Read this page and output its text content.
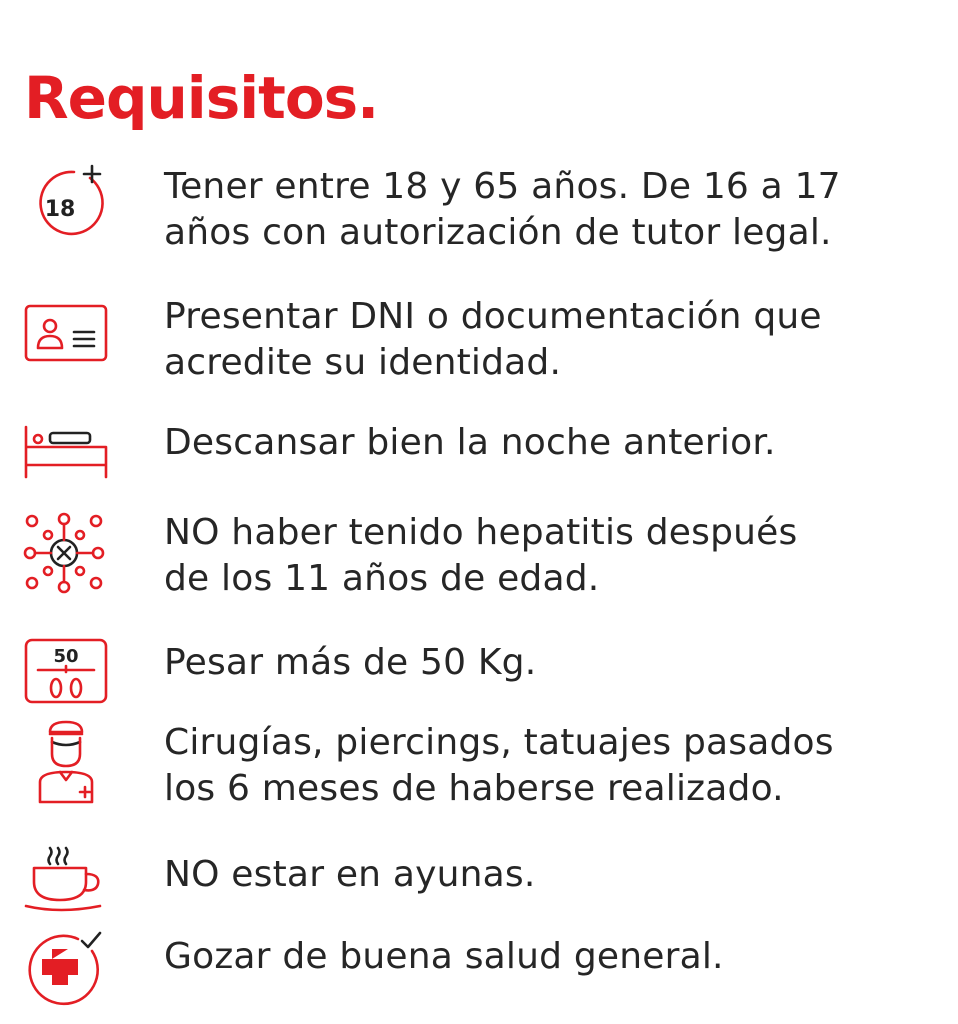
Requisitos.
18
Tener entre 18 y 65 años. De 16 a 17
años con autorización de tutor legal.
Presentar DNI o documentación que
acredite su identidad.
Descansar bien la noche anterior.
NO haber tenido hepatitis después
de los 11 años de edad.
50 Pesar más de 50 Kg.
Cirugías, piercings, tatuajes pasados
los 6 meses de haberse realizado.
NO estar en ayunas.
Gozar de buena salud general.
